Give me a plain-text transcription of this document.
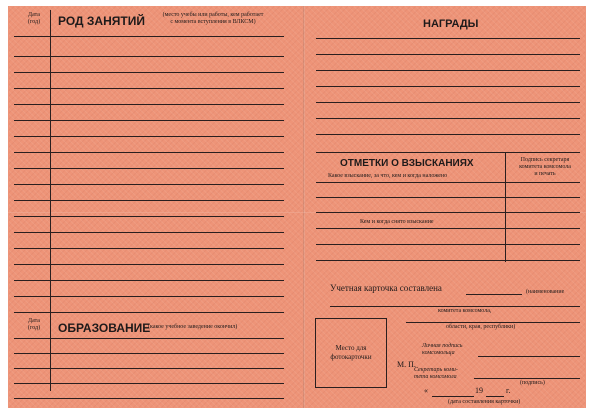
Дата
(год)	РОД ЗАНЯТИЙ	(место учебы или работы, кем работает
с момента вступления в ВЛКСМ)
Дата
(год)	ОБРАЗОВАНИЕ
(какое учебное заведение окончил)
НАГРАДЫ
ОТМЕТКИ О ВЗЫСКАНИЯХ
Какое взыскание, за что, кем и когда наложено
Подпись секретаря
комитета комсомола
и печать
Кем и когда снято взыскание
Учетная карточка составлена	(наименование
комитета комсомола,
области, края, республики)
Место для
фотокарточки
Личная подпись
комсомольца
М. П.
Секретарь коми-
тета комсомола
(подпись)
«	19	г.
(дата составления карточки)
